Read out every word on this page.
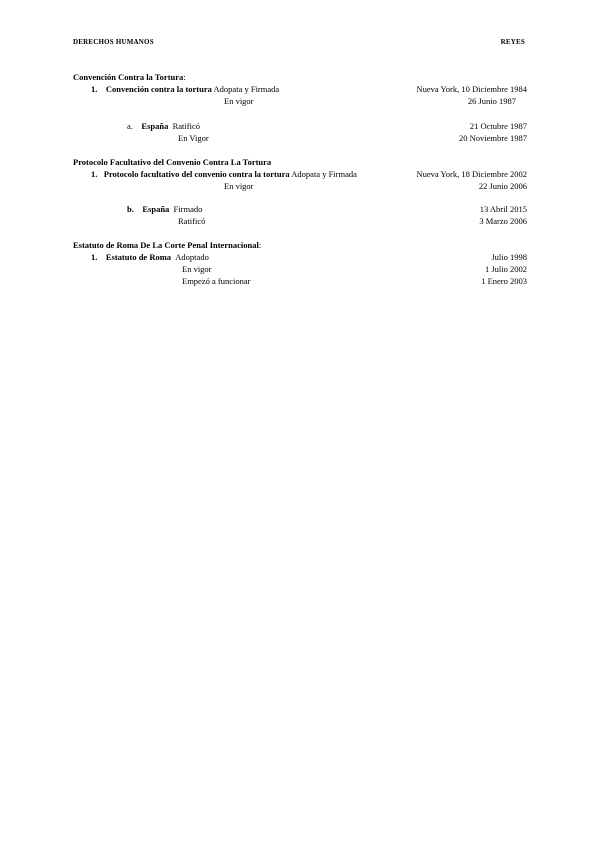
DERECHOS HUMANOS	REYES
Convención Contra la Tortura:
1. Convención contra la tortura Adopata y Firmada	Nueva York, 10 Diciembre 1984
En vigor	26 Junio 1987
a. España Ratificó	21 Octubre 1987
En Vigor	20 Noviembre 1987
Protocolo Facultativo del Convenio Contra La Tortura
1. Protocolo facultativo del convenio contra la tortura Adopata y Firmada	Nueva York, 18 Diciembre 2002
En vigor	22 Junio 2006
b. España Firmado	13 Abril 2015
Ratificó	3 Marzo 2006
Estatuto de Roma De La Corte Penal Internacional:
1. Estatuto de Roma Adoptado	Julio 1998
En vigor	1 Julio 2002
Empezó a funcionar	1 Enero 2003
